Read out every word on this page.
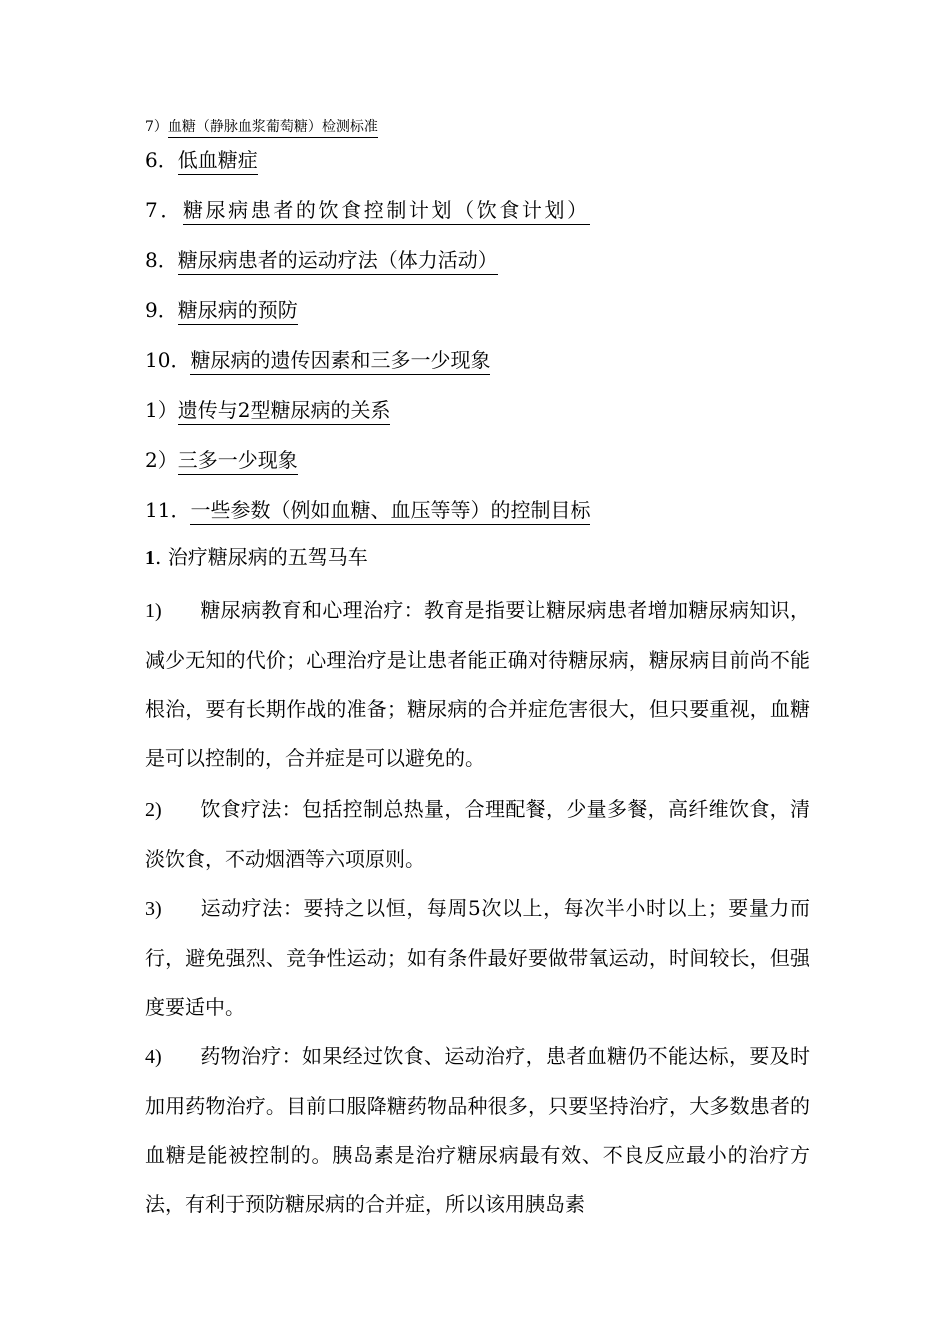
7）血糖（静脉血浆葡萄糖）检测标准
6．低血糖症
7．糖尿病患者的饮食控制计划（饮食计划）
8．糖尿病患者的运动疗法（体力活动）
9．糖尿病的预防
10．糖尿病的遗传因素和三多一少现象
1）遗传与2型糖尿病的关系
2）三多一少现象
11．一些参数（例如血糖、血压等等）的控制目标
1. 治疗糖尿病的五驾马车
1) 糖尿病教育和心理治疗：教育是指要让糖尿病患者增加糖尿病知识，减少无知的代价；心理治疗是让患者能正确对待糖尿病，糖尿病目前尚不能根治，要有长期作战的准备；糖尿病的合并症危害很大，但只要重视，血糖是可以控制的，合并症是可以避免的。
2) 饮食疗法：包括控制总热量，合理配餐，少量多餐，高纤维饮食，清淡饮食，不动烟酒等六项原则。
3) 运动疗法：要持之以恒，每周5次以上，每次半小时以上；要量力而行，避免强烈、竞争性运动；如有条件最好要做带氧运动，时间较长，但强度要适中。
4) 药物治疗：如果经过饮食、运动治疗，患者血糖仍不能达标，要及时加用药物治疗。目前口服降糖药物品种很多，只要坚持治疗，大多数患者的血糖是能被控制的。胰岛素是治疗糖尿病最有效、不良反应最小的治疗方法，有利于预防糖尿病的合并症，所以该用胰岛素
